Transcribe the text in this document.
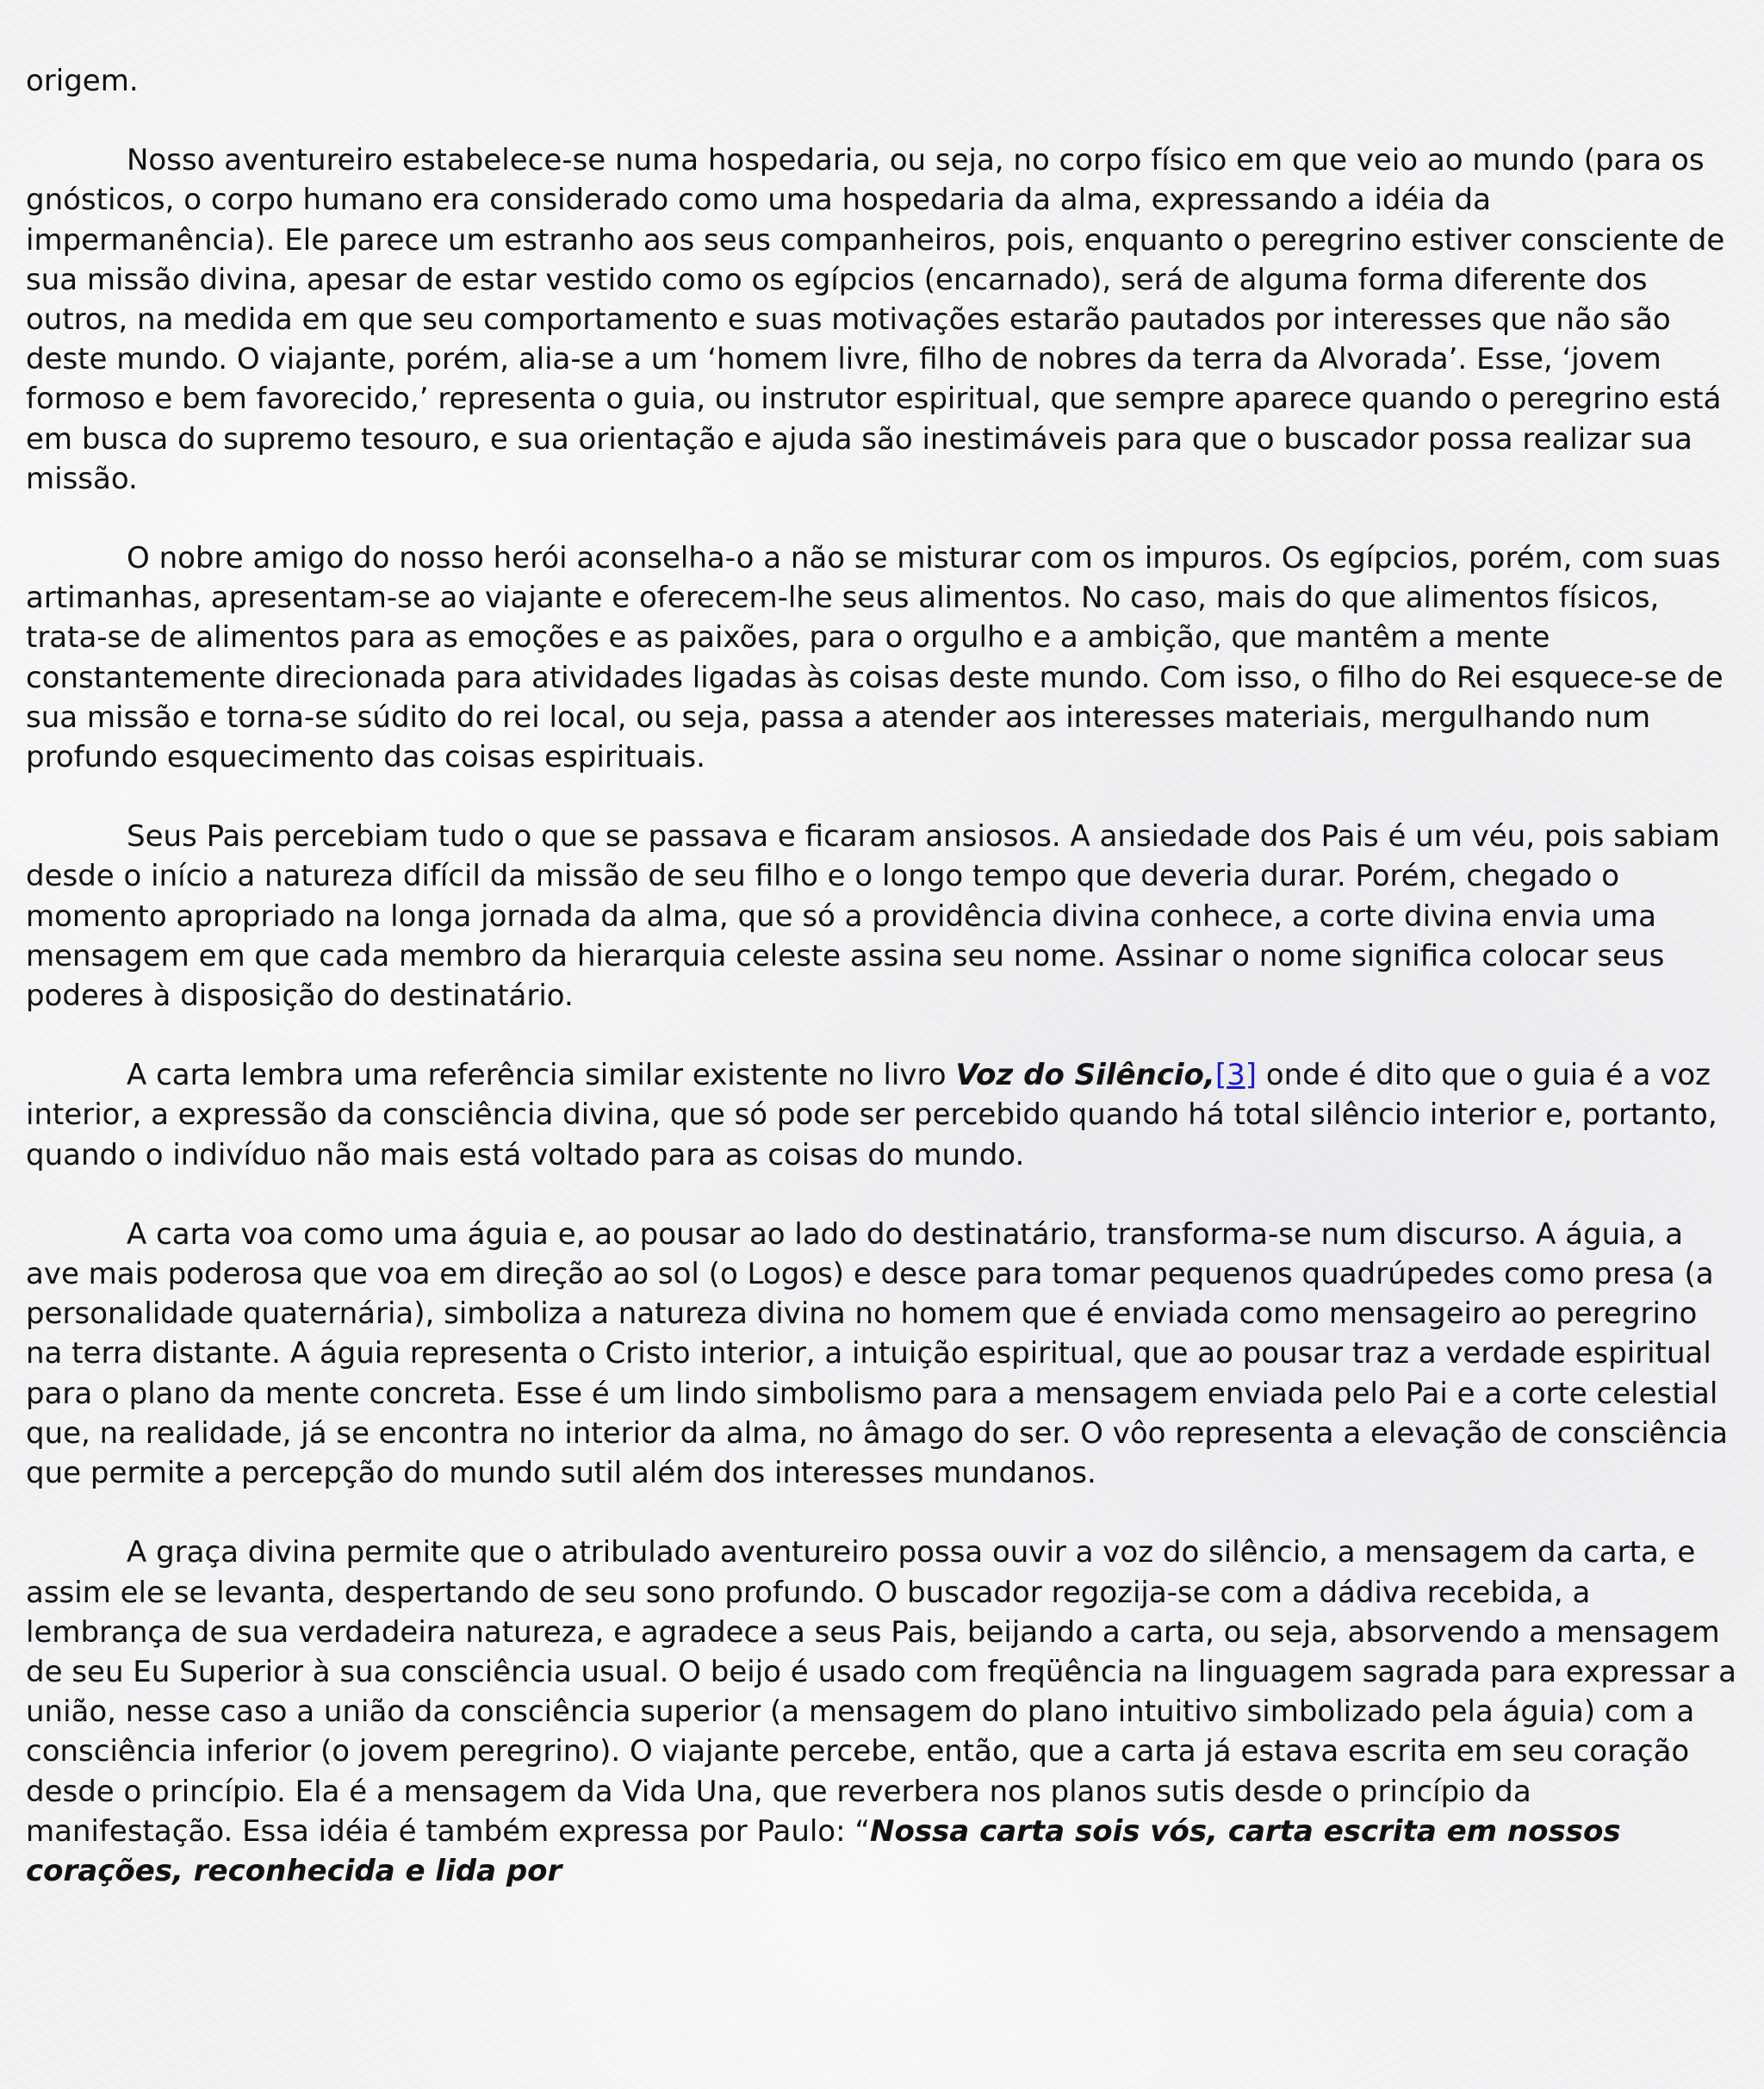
origem.

Nosso aventureiro estabelece-se numa hospedaria, ou seja, no corpo físico em que veio ao mundo (para os gnósticos, o corpo humano era considerado como uma hospedaria da alma, expressando a idéia da impermanência). Ele parece um estranho aos seus companheiros, pois, enquanto o peregrino estiver consciente de sua missão divina, apesar de estar vestido como os egípcios (encarnado), será de alguma forma diferente dos outros, na medida em que seu comportamento e suas motivações estarão pautados por interesses que não são deste mundo. O viajante, porém, alia-se a um ‘homem livre, filho de nobres da terra da Alvorada’. Esse, ‘jovem formoso e bem favorecido,’ representa o guia, ou instrutor espiritual, que sempre aparece quando o peregrino está em busca do supremo tesouro, e sua orientação e ajuda são inestimáveis para que o buscador possa realizar sua missão.

O nobre amigo do nosso herói aconselha-o a não se misturar com os impuros. Os egípcios, porém, com suas artimanhas, apresentam-se ao viajante e oferecem-lhe seus alimentos. No caso, mais do que alimentos físicos, trata-se de alimentos para as emoções e as paixões, para o orgulho e a ambição, que mantêm a mente constantemente direcionada para atividades ligadas às coisas deste mundo. Com isso, o filho do Rei esquece-se de sua missão e torna-se súdito do rei local, ou seja, passa a atender aos interesses materiais, mergulhando num profundo esquecimento das coisas espirituais.

Seus Pais percebiam tudo o que se passava e ficaram ansiosos. A ansiedade dos Pais é um véu, pois sabiam desde o início a natureza difícil da missão de seu filho e o longo tempo que deveria durar. Porém, chegado o momento apropriado na longa jornada da alma, que só a providência divina conhece, a corte divina envia uma mensagem em que cada membro da hierarquia celeste assina seu nome. Assinar o nome significa colocar seus poderes à disposição do destinatário.

A carta lembra uma referência similar existente no livro Voz do Silêncio,[3] onde é dito que o guia é a voz interior, a expressão da consciência divina, que só pode ser percebido quando há total silêncio interior e, portanto, quando o indivíduo não mais está voltado para as coisas do mundo.

A carta voa como uma águia e, ao pousar ao lado do destinatário, transforma-se num discurso. A águia, a ave mais poderosa que voa em direção ao sol (o Logos) e desce para tomar pequenos quadrúpedes como presa (a personalidade quaternária), simboliza a natureza divina no homem que é enviada como mensageiro ao peregrino na terra distante. A águia representa o Cristo interior, a intuição espiritual, que ao pousar traz a verdade espiritual para o plano da mente concreta. Esse é um lindo simbolismo para a mensagem enviada pelo Pai e a corte celestial que, na realidade, já se encontra no interior da alma, no âmago do ser. O vôo representa a elevação de consciência que permite a percepção do mundo sutil além dos interesses mundanos.

A graça divina permite que o atribulado aventureiro possa ouvir a voz do silêncio, a mensagem da carta, e assim ele se levanta, despertando de seu sono profundo. O buscador regozija-se com a dádiva recebida, a lembrança de sua verdadeira natureza, e agradece a seus Pais, beijando a carta, ou seja, absorvendo a mensagem de seu Eu Superior à sua consciência usual. O beijo é usado com freqüência na linguagem sagrada para expressar a união, nesse caso a união da consciência superior (a mensagem do plano intuitivo simbolizado pela águia) com a consciência inferior (o jovem peregrino). O viajante percebe, então, que a carta já estava escrita em seu coração desde o princípio. Ela é a mensagem da Vida Una, que reverbera nos planos sutis desde o princípio da manifestação. Essa idéia é também expressa por Paulo: “Nossa carta sois vós, carta escrita em nossos corações, reconhecida e lida por
